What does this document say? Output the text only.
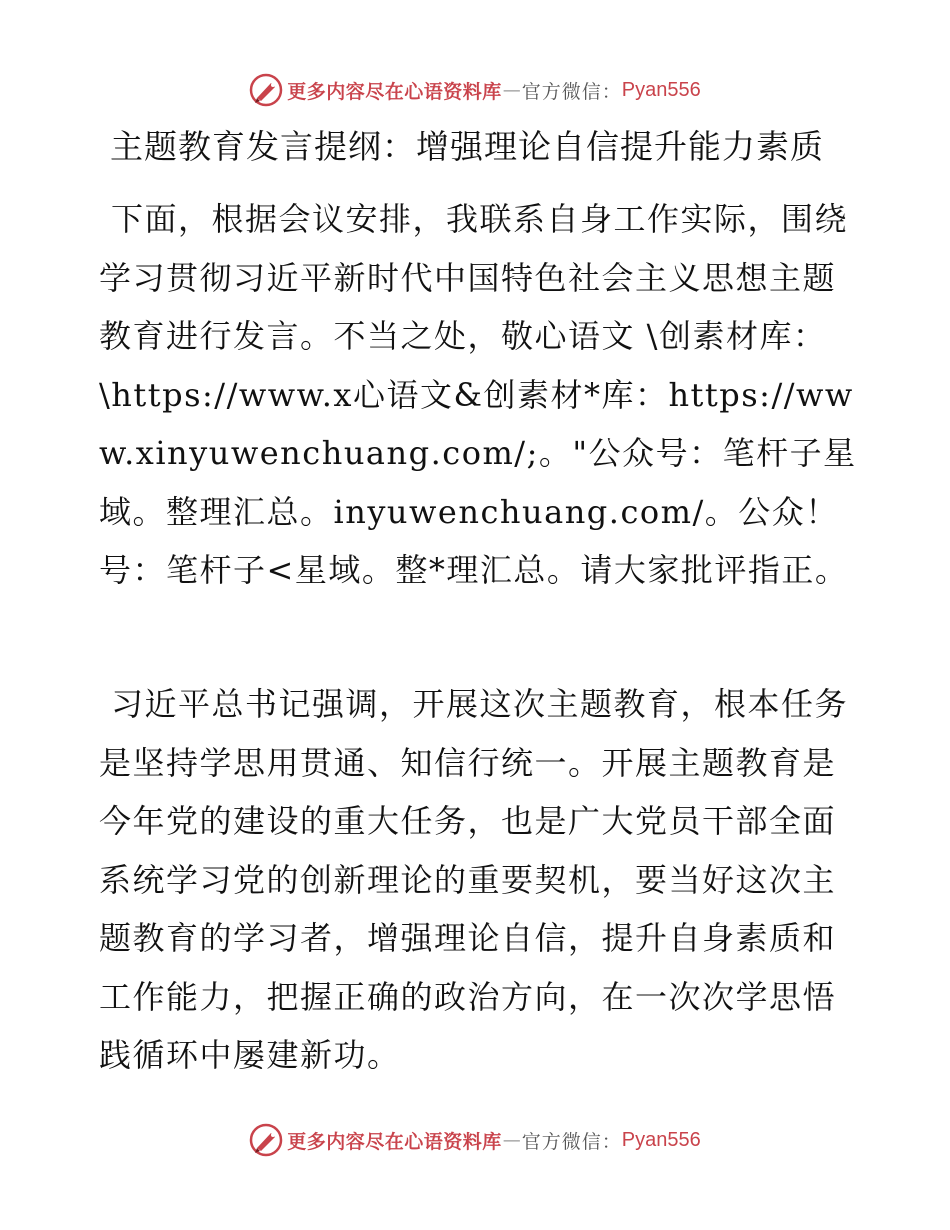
更多内容尽在心语资料库 — 官方微信： Pyan556
主题教育发言提纲：增强理论自信提升能力素质
下面，根据会议安排，我联系自身工作实际，围绕学习贯彻习近平新时代中国特色社会主义思想主题教育进行发言。不当之处，敬心语文 \创素材库：\https://www.x心语文&创素材*库：https://www.xinyuwenchuang.com/;。"公众号：笔杆子星域。整理汇总。inyuwenchuang.com/。公众！号：笔杆子<星域。整*理汇总。请大家批评指正。
习近平总书记强调，开展这次主题教育，根本任务是坚持学思用贯通、知信行统一。开展主题教育是今年党的建设的重大任务，也是广大党员干部全面系统学习党的创新理论的重要契机，要当好这次主题教育的学习者，增强理论自信，提升自身素质和工作能力，把握正确的政治方向，在一次次学思悟践循环中屡建新功。
更多内容尽在心语资料库 — 官方微信： Pyan556
